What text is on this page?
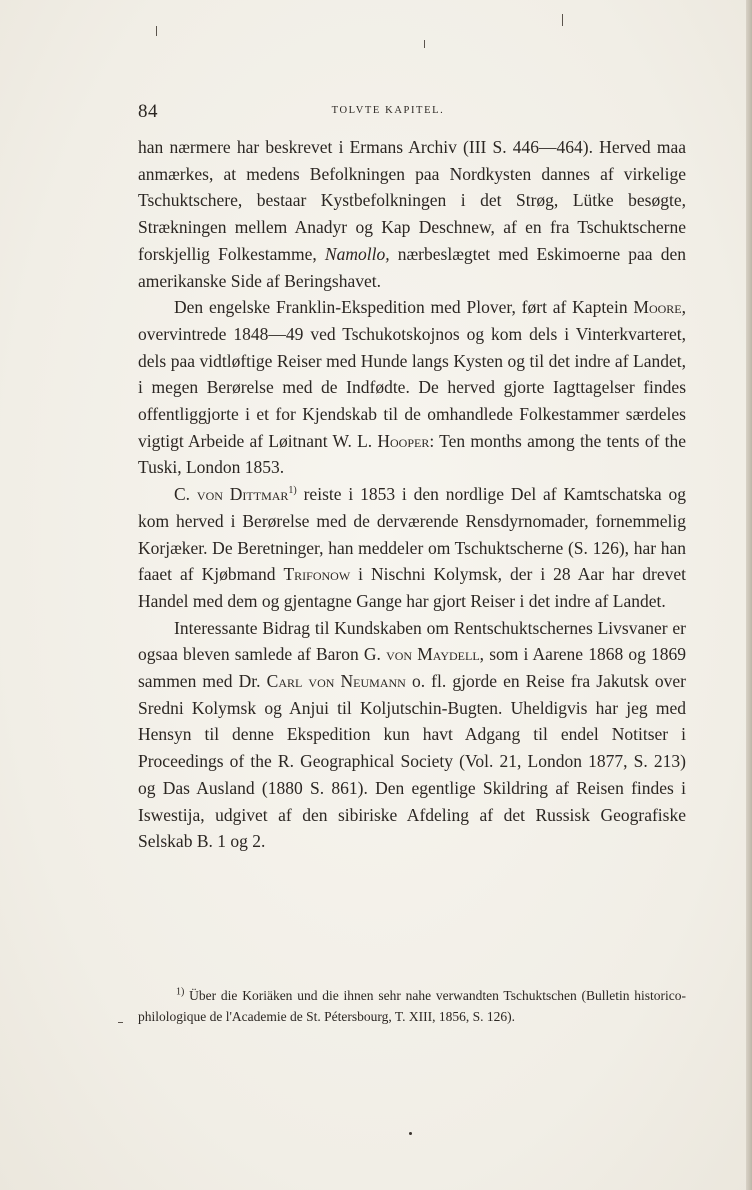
84	TOLVTE KAPITEL.

han nærmere har beskrevet i Ermans Archiv (III S. 446—464). Herved maa anmærkes, at medens Befolkningen paa Nordkysten dannes af virkelige Tschuktschere, bestaar Kystbefolkningen i det Strøg, Lütke besøgte, Strækningen mellem Anadyr og Kap Deschnew, af en fra Tschuktscherne forskjellig Folkestamme, Namollo, nærbeslægtet med Eskimoerne paa den amerikanske Side af Beringshavet.

Den engelske Franklin-Ekspedition med Plover, ført af Kaptein Moore, overvintrede 1848—49 ved Tschukotskojnos og kom dels i Vinterkvarteret, dels paa vidtløftige Reiser med Hunde langs Kysten og til det indre af Landet, i megen Berørelse med de Indfødte. De herved gjorte Iagttagelser findes offentliggjorte i et for Kjendskab til de omhandlede Folkestammer særdeles vigtigt Arbeide af Løitnant W. L. Hooper: Ten months among the tents of the Tuski, London 1853.

C. von Dittmar$^{1)}$ reiste i 1853 i den nordlige Del af Kamtschatska og kom herved i Berørelse med de derværende Rensdyrnomader, fornemmelig Korjæker. De Beretninger, han meddeler om Tschuktscherne (S. 126), har han faaet af Kjøbmand Trifonow i Nischni Kolymsk, der i 28 Aar har drevet Handel med dem og gjentagne Gange har gjort Reiser i det indre af Landet.

Interessante Bidrag til Kundskaben om Rentschuktschernes Livsvaner er ogsaa bleven samlede af Baron G. von Maydell, som i Aarene 1868 og 1869 sammen med Dr. Carl von Neumann o. fl. gjorde en Reise fra Jakutsk over Sredni Kolymsk og Anjui til Koljutschin-Bugten. Uheldigvis har jeg med Hensyn til denne Ekspedition kun havt Adgang til endel Notitser i Proceedings of the R. Geographical Society (Vol. 21, London 1877, S. 213) og Das Ausland (1880 S. 861). Den egentlige Skildring af Reisen findes i Iswestija, udgivet af den sibiriske Afdeling af det Russisk Geografiske Selskab B. 1 og 2.

$^{1)}$ Über die Koriäken und die ihnen sehr nahe verwandten Tschuktschen (Bulletin historico-philologique de l'Academie de St. Pétersbourg, T. XIII, 1856, S. 126).
